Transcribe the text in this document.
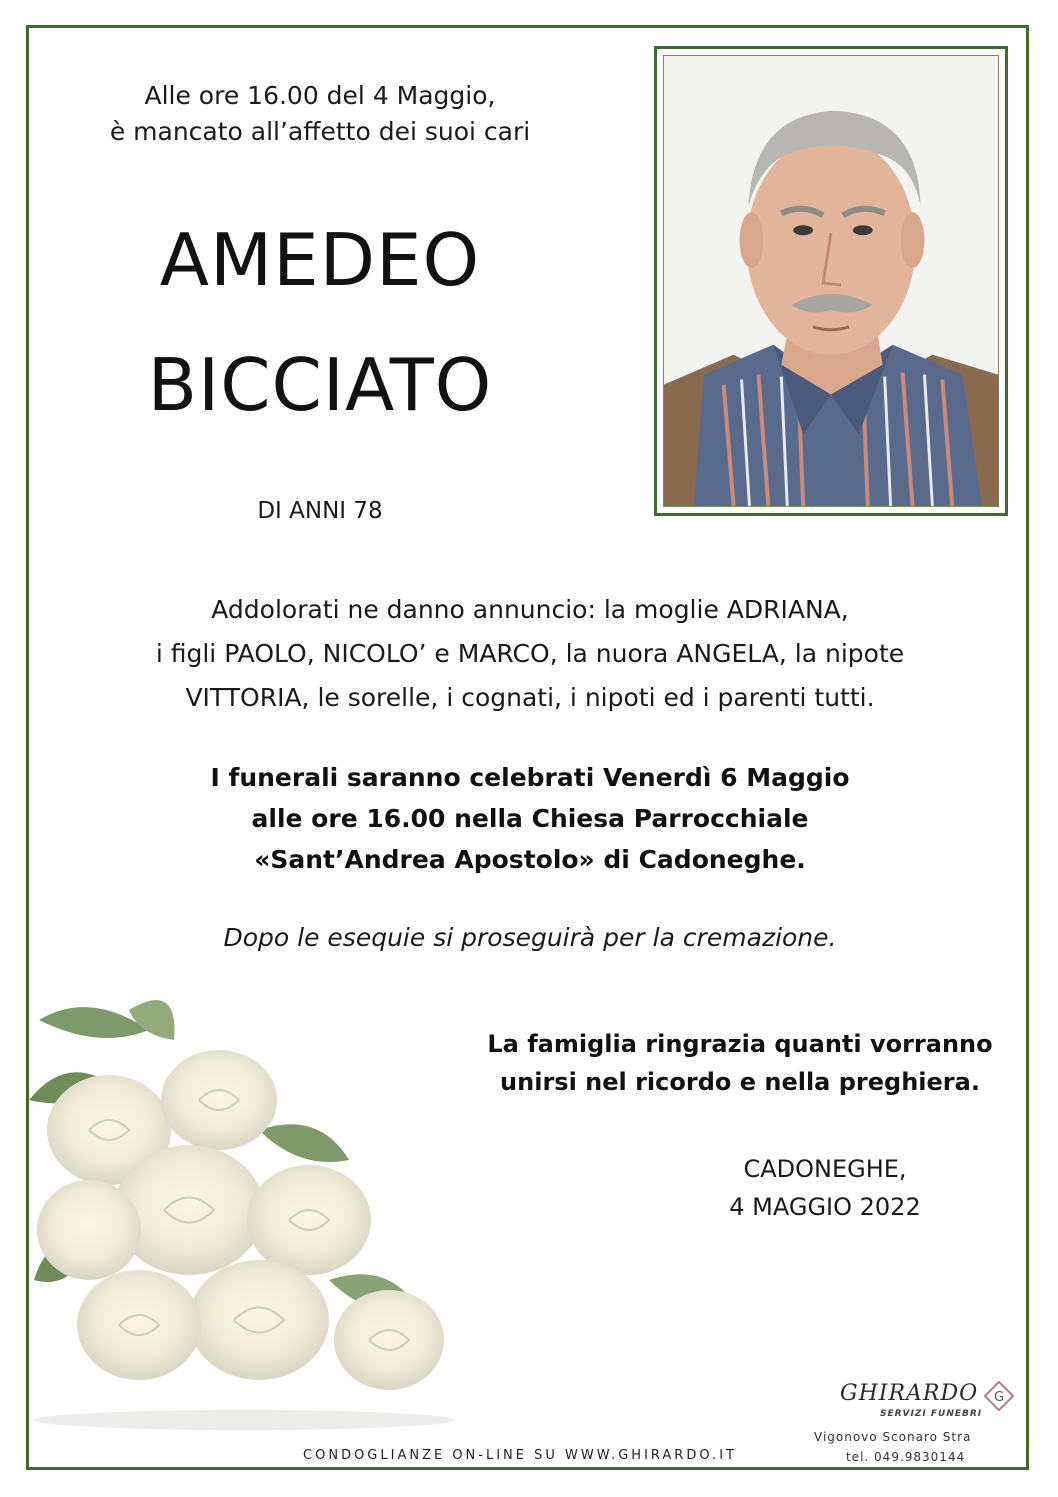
Alle ore 16.00 del 4 Maggio,
è mancato all’affetto dei suoi cari
AMEDEO
BICCIATO
DI ANNI 78
Addolorati ne danno annuncio: la moglie ADRIANA,
i figli PAOLO, NICOLO’ e MARCO, la nuora ANGELA, la nipote
VITTORIA, le sorelle, i cognati, i nipoti ed i parenti tutti.
I funerali saranno celebrati Venerdì 6 Maggio
alle ore 16.00 nella Chiesa Parrocchiale
«Sant’Andrea Apostolo» di Cadoneghe.
Dopo le esequie si proseguirà per la cremazione.
La famiglia ringrazia quanti vorranno
unirsi nel ricordo e nella preghiera.
CADONEGHE,
4 MAGGIO 2022
GHIRARDO
SERVIZI FUNEBRI
G
Vigonovo Sconaro Stra
tel. 049.9830144
CONDOGLIANZE ON-LINE SU WWW.GHIRARDO.IT
